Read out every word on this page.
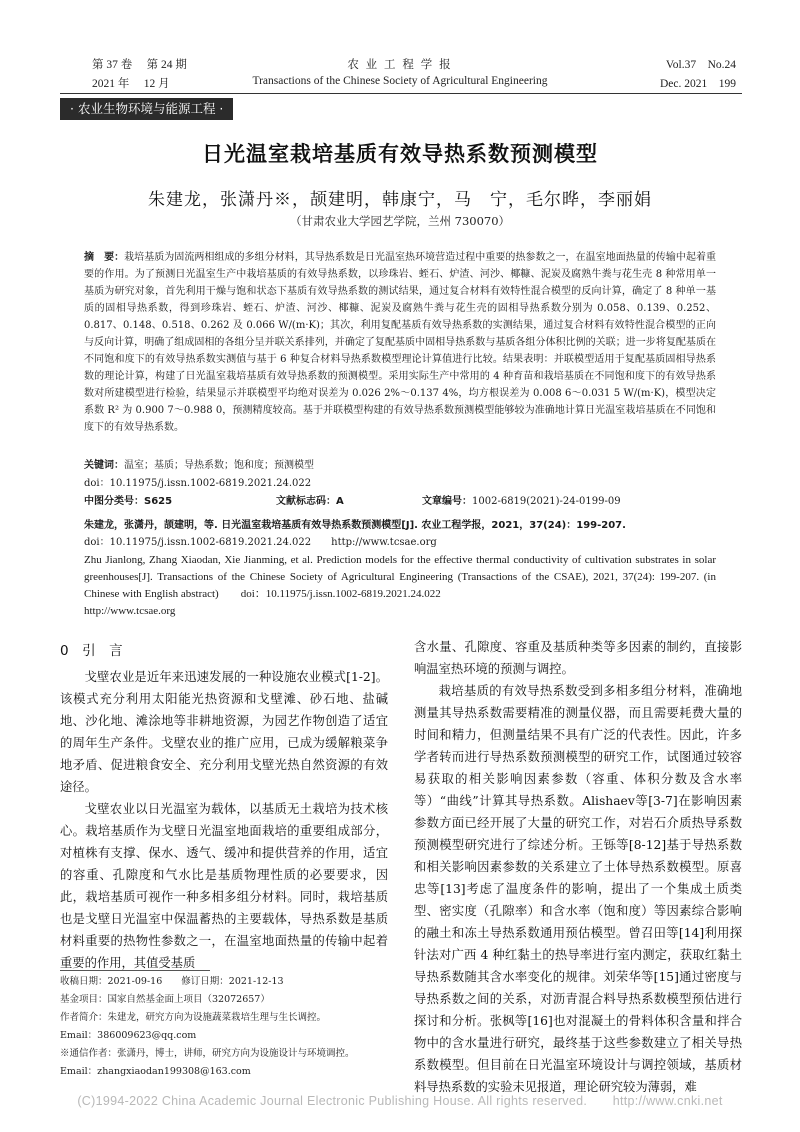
第 37 卷　 第 24 期	农 业 工 程 学 报	Vol.37　No.24
2021 年　 12 月	Transactions of the Chinese Society of Agricultural Engineering	Dec. 2021　199
· 农业生物环境与能源工程 ·
日光温室栽培基质有效导热系数预测模型
朱建龙，张潇丹※，颉建明，韩康宁，马　宁，毛尔晔，李丽娟
（甘肃农业大学园艺学院，兰州 730070）
摘　要：栽培基质为固流两相组成的多组分材料，其导热系数是日光温室热环境营造过程中重要的热参数之一，在温室地面热量的传输中起着重要的作用。为了预测日光温室生产中栽培基质的有效导热系数，以珍珠岩、蛭石、炉渣、河沙、椰糠、泥炭及腐熟牛粪与花生壳 8 种常用单一基质为研究对象，首先利用干燥与饱和状态下基质有效导热系数的测试结果，通过复合材料有效特性混合模型的反向计算，确定了 8 种单一基质的固相导热系数，得到珍珠岩、蛭石、炉渣、河沙、椰糠、泥炭及腐熟牛粪与花生壳的固相导热系数分别为 0.058、0.139、0.252、0.817、0.148、0.518、0.262 及 0.066 W/(m·K)；其次，利用复配基质有效导热系数的实测结果，通过复合材料有效特性混合模型的正向与反向计算，明确了组成固相的各组分呈并联关系排列，并确定了复配基质中固相导热系数与基质各组分体积比例的关联；进一步将复配基质在不同饱和度下的有效导热系数实测值与基于 6 种复合材料导热系数模型理论计算值进行比较。结果表明：并联模型适用于复配基质固相导热系数的理论计算，构建了日光温室栽培基质有效导热系数的预测模型。采用实际生产中常用的 4 种育苗和栽培基质在不同饱和度下的有效导热系数对所建模型进行检验，结果显示并联模型平均绝对误差为 0.026 2%～0.137 4%，均方根误差为 0.008 6～0.031 5 W/(m·K)，模型决定系数 R² 为 0.900 7～0.988 0，预测精度较高。基于并联模型构建的有效导热系数预测模型能够较为准确地计算日光温室栽培基质在不同饱和度下的有效导热系数。
关键词：温室；基质；导热系数；饱和度；预测模型
doi：10.11975/j.issn.1002-6819.2021.24.022
中图分类号：S625	文献标志码：A	文章编号：1002-6819(2021)-24-0199-09
朱建龙，张潇丹，颉建明，等. 日光温室栽培基质有效导热系数预测模型[J]. 农业工程学报，2021，37(24)：199-207.
doi：10.11975/j.issn.1002-6819.2021.24.022　　http://www.tcsae.org
Zhu Jianlong, Zhang Xiaodan, Xie Jianming, et al. Prediction models for the effective thermal conductivity of cultivation substrates in solar greenhouses[J]. Transactions of the Chinese Society of Agricultural Engineering (Transactions of the CSAE), 2021, 37(24): 199-207. (in Chinese with English abstract)　　doi：10.11975/j.issn.1002-6819.2021.24.022
http://www.tcsae.org

0　引　言

戈壁农业是近年来迅速发展的一种设施农业模式[1-2]。该模式充分利用太阳能光热资源和戈壁滩、砂石地、盐碱地、沙化地、滩涂地等非耕地资源，为园艺作物创造了适宜的周年生产条件。戈壁农业的推广应用，已成为缓解粮菜争地矛盾、促进粮食安全、充分利用戈壁光热自然资源的有效途径。

戈壁农业以日光温室为载体，以基质无土栽培为技术核心。栽培基质作为戈壁日光温室地面栽培的重要组成部分，对植株有支撑、保水、透气、缓冲和提供营养的作用，适宜的容重、孔隙度和气水比是基质物理性质的必要要求，因此，栽培基质可视作一种多相多组分材料。同时，栽培基质也是戈壁日光温室中保温蓄热的主要载体，导热系数是基质材料重要的热物性参数之一，在温室地面热量的传输中起着重要的作用，其值受基质

含水量、孔隙度、容重及基质种类等多因素的制约，直接影响温室热环境的预测与调控。

栽培基质的有效导热系数受到多相多组分材料，准确地测量其导热系数需要精准的测量仪器，而且需要耗费大量的时间和精力，但测量结果不具有广泛的代表性。因此，许多学者转而进行导热系数预测模型的研究工作，试图通过较容易获取的相关影响因素参数（容重、体积分数及含水率等）“曲线”计算其导热系数。Alishaev等[3-7]在影响因素参数方面已经开展了大量的研究工作，对岩石介质热导系数预测模型研究进行了综述分析。王铄等[8-12]基于导热系数和相关影响因素参数的关系建立了土体导热系数模型。原喜忠等[13]考虑了温度条件的影响，提出了一个集成土质类型、密实度（孔隙率）和含水率（饱和度）等因素综合影响的融土和冻土导热系数通用预估模型。曾召田等[14]利用探针法对广西 4 种红黏土的热导率进行室内测定，获取红黏土导热系数随其含水率变化的规律。刘荣华等[15]通过密度与导热系数之间的关系，对沥青混合料导热系数模型预估进行探讨和分析。张枫等[16]也对混凝土的骨料体积含量和拌合物中的含水量进行研究，最终基于这些参数建立了相关导热系数模型。但目前在日光温室环境设计与调控领域，基质材料导热系数的实验未见报道，理论研究较为薄弱，难

收稿日期：2021-09-16　　修订日期：2021-12-13
基金项目：国家自然基金面上项目（32072657）
作者简介：朱建龙，研究方向为设施蔬菜栽培生理与生长调控。
Email：386009623@qq.com
※通信作者：张潇丹，博士，讲师，研究方向为设施设计与环境调控。
Email：zhangxiaodan199308@163.com
(C)1994-2022 China Academic Journal Electronic Publishing House. All rights reserved.　　http://www.cnki.net
